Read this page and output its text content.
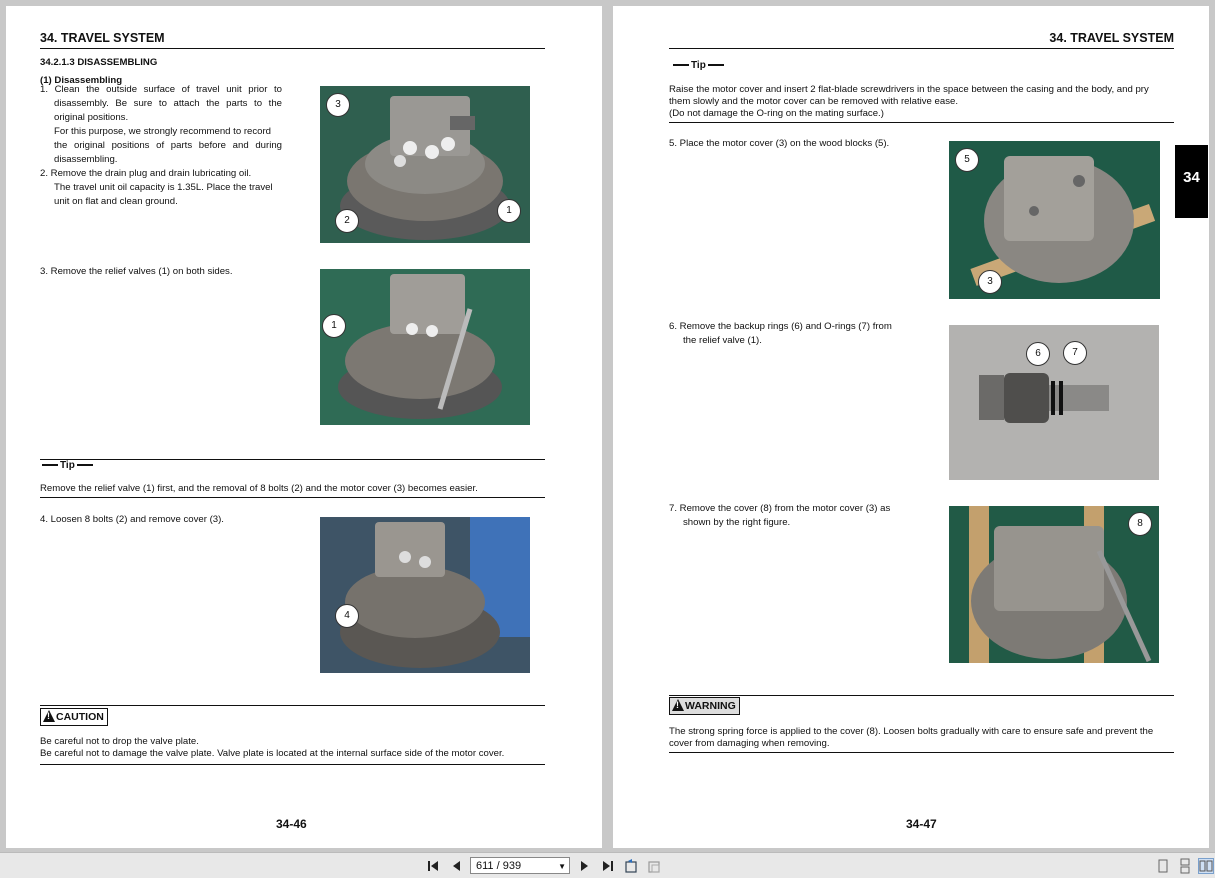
34. TRAVEL SYSTEM
34.2.1.3 DISASSEMBLING
(1) Disassembling
1. Clean the outside surface of travel unit prior to
disassembly. Be sure to attach the parts to the
original positions.
For this purpose, we strongly recommend to record
the original positions of parts before and during
disassembling.
2. Remove the drain plug and drain lubricating oil.
The travel unit oil capacity is 1.35L. Place the travel
unit on flat and clean ground.
3
2
1
3. Remove the relief valves (1) on both sides.
1
Tip
Remove the relief valve (1) first, and the removal of 8 bolts (2) and the motor cover (3) becomes easier.
4. Loosen 8 bolts (2) and remove cover (3).
4
!CAUTION
Be careful not to drop the valve plate.
Be careful not to damage the valve plate. Valve plate is located at the internal surface side of the motor cover.
34-46
34. TRAVEL SYSTEM
Tip
Raise the motor cover and insert 2 flat-blade screwdrivers in the space between the casing and the body, and pry
them slowly and the motor cover can be removed with relative ease.
(Do not damage the O-ring on the mating surface.)
5. Place the motor cover (3) on the wood blocks (5).
5
3
6. Remove the backup rings (6) and O-rings (7) from
the relief valve (1).
6	7
7. Remove the cover (8) from the motor cover (3) as
shown by the right figure.	8
!WARNING
The strong spring force is applied to the cover (8). Loosen bolts gradually with care to ensure safe and prevent the
cover from damaging when removing.
34-47
34
611 / 939	▼
